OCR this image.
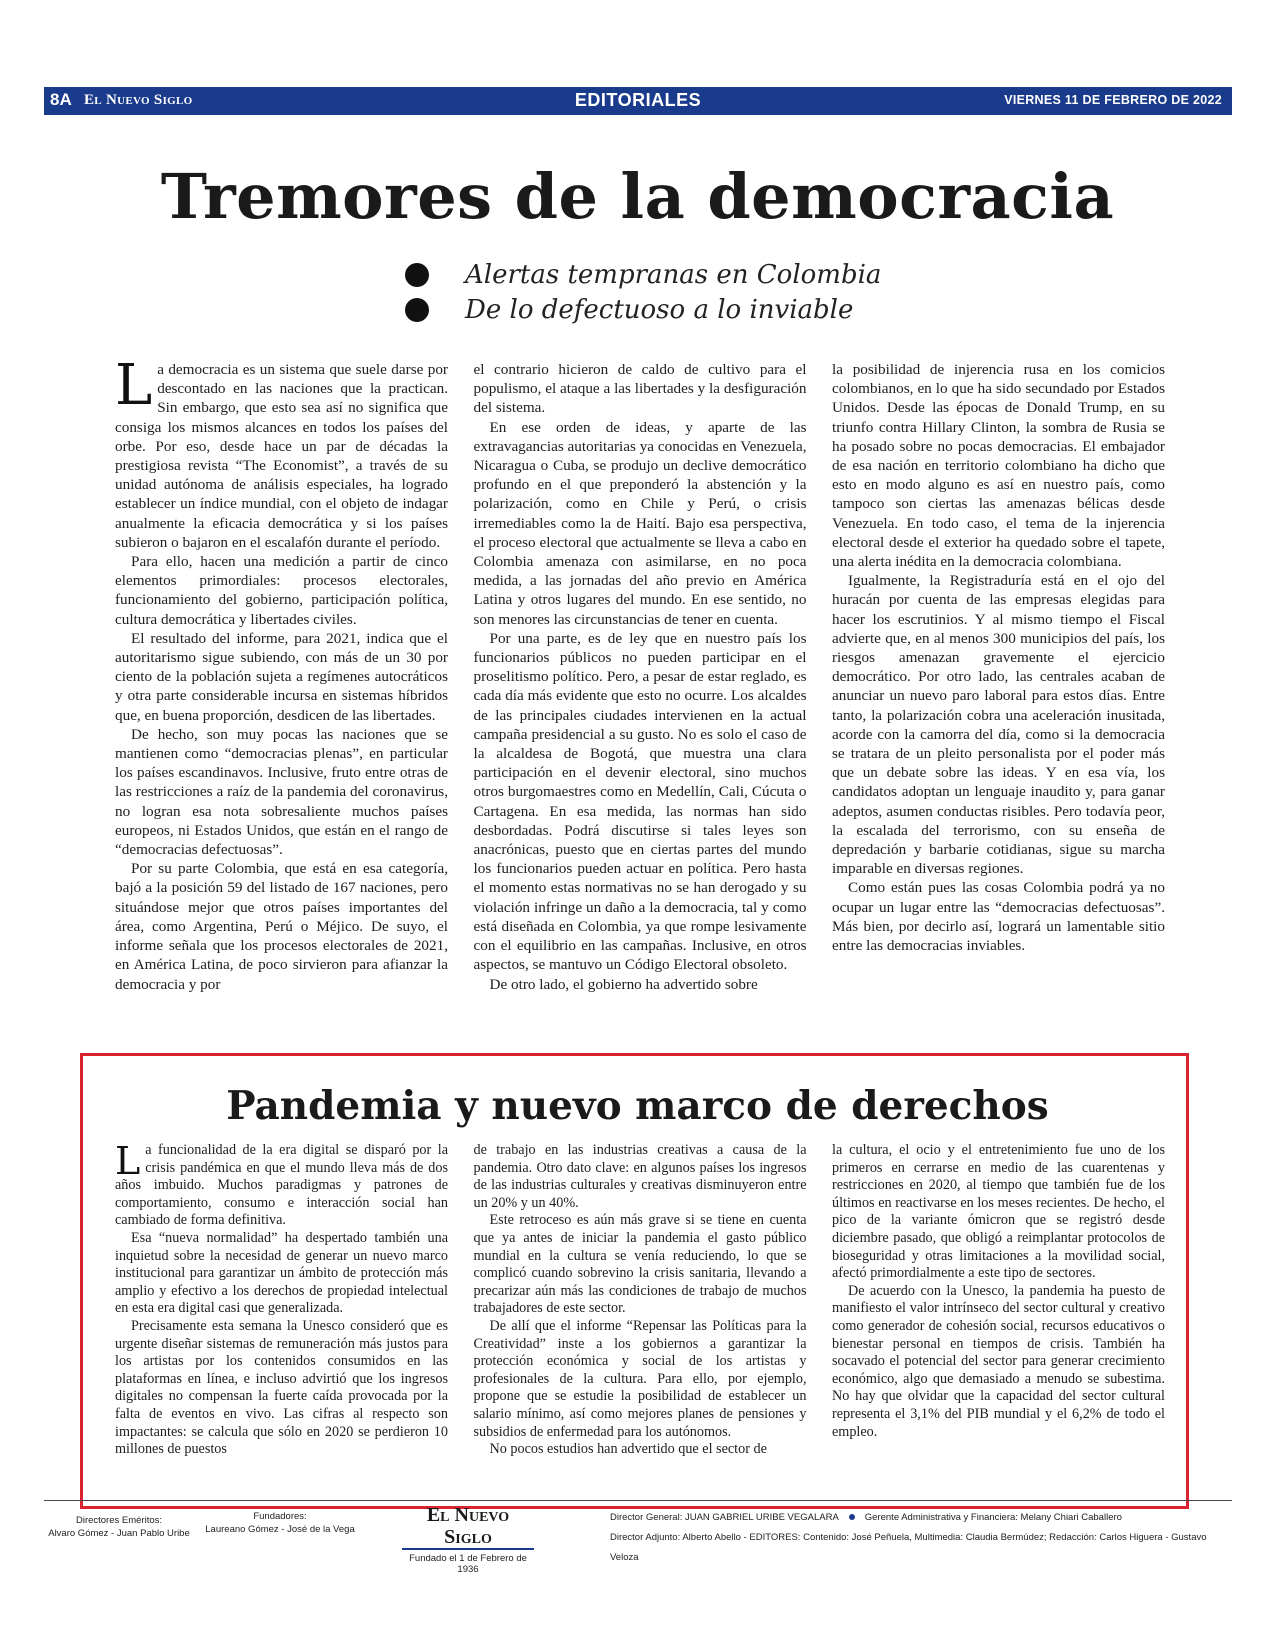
8A El Nuevo Siglo	EDITORIALES	VIERNES 11 DE FEBRERO DE 2022
Tremores de la democracia
Alertas tempranas en Colombia
De lo defectuoso a lo inviable

La democracia es un sistema que suele darse por descontado en las naciones que la practican. Sin embargo, que esto sea así no significa que consiga los mismos alcances en todos los países del orbe. Por eso, desde hace un par de décadas la prestigiosa revista “The Economist”, a través de su unidad autónoma de análisis especiales, ha logrado establecer un índice mundial, con el objeto de indagar anualmente la eficacia democrática y si los países subieron o bajaron en el escalafón durante el período.

Para ello, hacen una medición a partir de cinco elementos primordiales: procesos electorales, funcionamiento del gobierno, participación política, cultura democrática y libertades civiles.

El resultado del informe, para 2021, indica que el autoritarismo sigue subiendo, con más de un 30 por ciento de la población sujeta a regímenes autocráticos y otra parte considerable incursa en sistemas híbridos que, en buena proporción, desdicen de las libertades.

De hecho, son muy pocas las naciones que se mantienen como “democracias plenas”, en particular los países escandinavos. Inclusive, fruto entre otras de las restricciones a raíz de la pandemia del coronavirus, no logran esa nota sobresaliente muchos países europeos, ni Estados Unidos, que están en el rango de “democracias defectuosas”.

Por su parte Colombia, que está en esa categoría, bajó a la posición 59 del listado de 167 naciones, pero situándose mejor que otros países importantes del área, como Argentina, Perú o Méjico. De suyo, el informe señala que los procesos electorales de 2021, en América Latina, de poco sirvieron para afianzar la democracia y por

el contrario hicieron de caldo de cultivo para el populismo, el ataque a las libertades y la desfiguración del sistema.

En ese orden de ideas, y aparte de las extravagancias autoritarias ya conocidas en Venezuela, Nicaragua o Cuba, se produjo un declive democrático profundo en el que preponderó la abstención y la polarización, como en Chile y Perú, o crisis irremediables como la de Haití. Bajo esa perspectiva, el proceso electoral que actualmente se lleva a cabo en Colombia amenaza con asimilarse, en no poca medida, a las jornadas del año previo en América Latina y otros lugares del mundo. En ese sentido, no son menores las circunstancias de tener en cuenta.

Por una parte, es de ley que en nuestro país los funcionarios públicos no pueden participar en el proselitismo político. Pero, a pesar de estar reglado, es cada día más evidente que esto no ocurre. Los alcaldes de las principales ciudades intervienen en la actual campaña presidencial a su gusto. No es solo el caso de la alcaldesa de Bogotá, que muestra una clara participación en el devenir electoral, sino muchos otros burgomaestres como en Medellín, Cali, Cúcuta o Cartagena. En esa medida, las normas han sido desbordadas. Podrá discutirse si tales leyes son anacrónicas, puesto que en ciertas partes del mundo los funcionarios pueden actuar en política. Pero hasta el momento estas normativas no se han derogado y su violación infringe un daño a la democracia, tal y como está diseñada en Colombia, ya que rompe lesivamente con el equilibrio en las campañas. Inclusive, en otros aspectos, se mantuvo un Código Electoral obsoleto.

De otro lado, el gobierno ha advertido sobre

la posibilidad de injerencia rusa en los comicios colombianos, en lo que ha sido secundado por Estados Unidos. Desde las épocas de Donald Trump, en su triunfo contra Hillary Clinton, la sombra de Rusia se ha posado sobre no pocas democracias. El embajador de esa nación en territorio colombiano ha dicho que esto en modo alguno es así en nuestro país, como tampoco son ciertas las amenazas bélicas desde Venezuela. En todo caso, el tema de la injerencia electoral desde el exterior ha quedado sobre el tapete, una alerta inédita en la democracia colombiana.

Igualmente, la Registraduría está en el ojo del huracán por cuenta de las empresas elegidas para hacer los escrutinios. Y al mismo tiempo el Fiscal advierte que, en al menos 300 municipios del país, los riesgos amenazan gravemente el ejercicio democrático. Por otro lado, las centrales acaban de anunciar un nuevo paro laboral para estos días. Entre tanto, la polarización cobra una aceleración inusitada, acorde con la camorra del día, como si la democracia se tratara de un pleito personalista por el poder más que un debate sobre las ideas. Y en esa vía, los candidatos adoptan un lenguaje inaudito y, para ganar adeptos, asumen conductas risibles. Pero todavía peor, la escalada del terrorismo, con su enseña de depredación y barbarie cotidianas, sigue su marcha imparable en diversas regiones.

Como están pues las cosas Colombia podrá ya no ocupar un lugar entre las “democracias defectuosas”. Más bien, por decirlo así, logrará un lamentable sitio entre las democracias inviables.

Pandemia y nuevo marco de derechos

La funcionalidad de la era digital se disparó por la crisis pandémica en que el mundo lleva más de dos años imbuido. Muchos paradigmas y patrones de comportamiento, consumo e interacción social han cambiado de forma definitiva.

Esa “nueva normalidad” ha despertado también una inquietud sobre la necesidad de generar un nuevo marco institucional para garantizar un ámbito de protección más amplio y efectivo a los derechos de propiedad intelectual en esta era digital casi que generalizada.

Precisamente esta semana la Unesco consideró que es urgente diseñar sistemas de remuneración más justos para los artistas por los contenidos consumidos en las plataformas en línea, e incluso advirtió que los ingresos digitales no compensan la fuerte caída provocada por la falta de eventos en vivo. Las cifras al respecto son impactantes: se calcula que sólo en 2020 se perdieron 10 millones de puestos

de trabajo en las industrias creativas a causa de la pandemia. Otro dato clave: en algunos países los ingresos de las industrias culturales y creativas disminuyeron entre un 20% y un 40%.

Este retroceso es aún más grave si se tiene en cuenta que ya antes de iniciar la pandemia el gasto público mundial en la cultura se venía reduciendo, lo que se complicó cuando sobrevino la crisis sanitaria, llevando a precarizar aún más las condiciones de trabajo de muchos trabajadores de este sector.

De allí que el informe “Repensar las Políticas para la Creatividad” inste a los gobiernos a garantizar la protección económica y social de los artistas y profesionales de la cultura. Para ello, por ejemplo, propone que se estudie la posibilidad de establecer un salario mínimo, así como mejores planes de pensiones y subsidios de enfermedad para los autónomos.

No pocos estudios han advertido que el sector de

la cultura, el ocio y el entretenimiento fue uno de los primeros en cerrarse en medio de las cuarentenas y restricciones en 2020, al tiempo que también fue de los últimos en reactivarse en los meses recientes. De hecho, el pico de la variante ómicron que se registró desde diciembre pasado, que obligó a reimplantar protocolos de bioseguridad y otras limitaciones a la movilidad social, afectó primordialmente a este tipo de sectores.

De acuerdo con la Unesco, la pandemia ha puesto de manifiesto el valor intrínseco del sector cultural y creativo como generador de cohesión social, recursos educativos o bienestar personal en tiempos de crisis. También ha socavado el potencial del sector para generar crecimiento económico, algo que demasiado a menudo se subestima. No hay que olvidar que la capacidad del sector cultural representa el 3,1% del PIB mundial y el 6,2% de todo el empleo.

Directores Eméritos:
Alvaro Gómez - Juan Pablo Uribe
Fundadores:
Laureano Gómez - José de la Vega
El Nuevo Siglo
Fundado el 1 de Febrero de 1936
Director General: JUAN GABRIEL URIBE VEGALARA	Gerente Administrativa y Financiera: Melany Chiari Caballero
Director Adjunto: Alberto Abello - EDITORES: Contenido: José Peñuela, Multimedia: Claudia Bermúdez; Redacción: Carlos Higuera - Gustavo Veloza
